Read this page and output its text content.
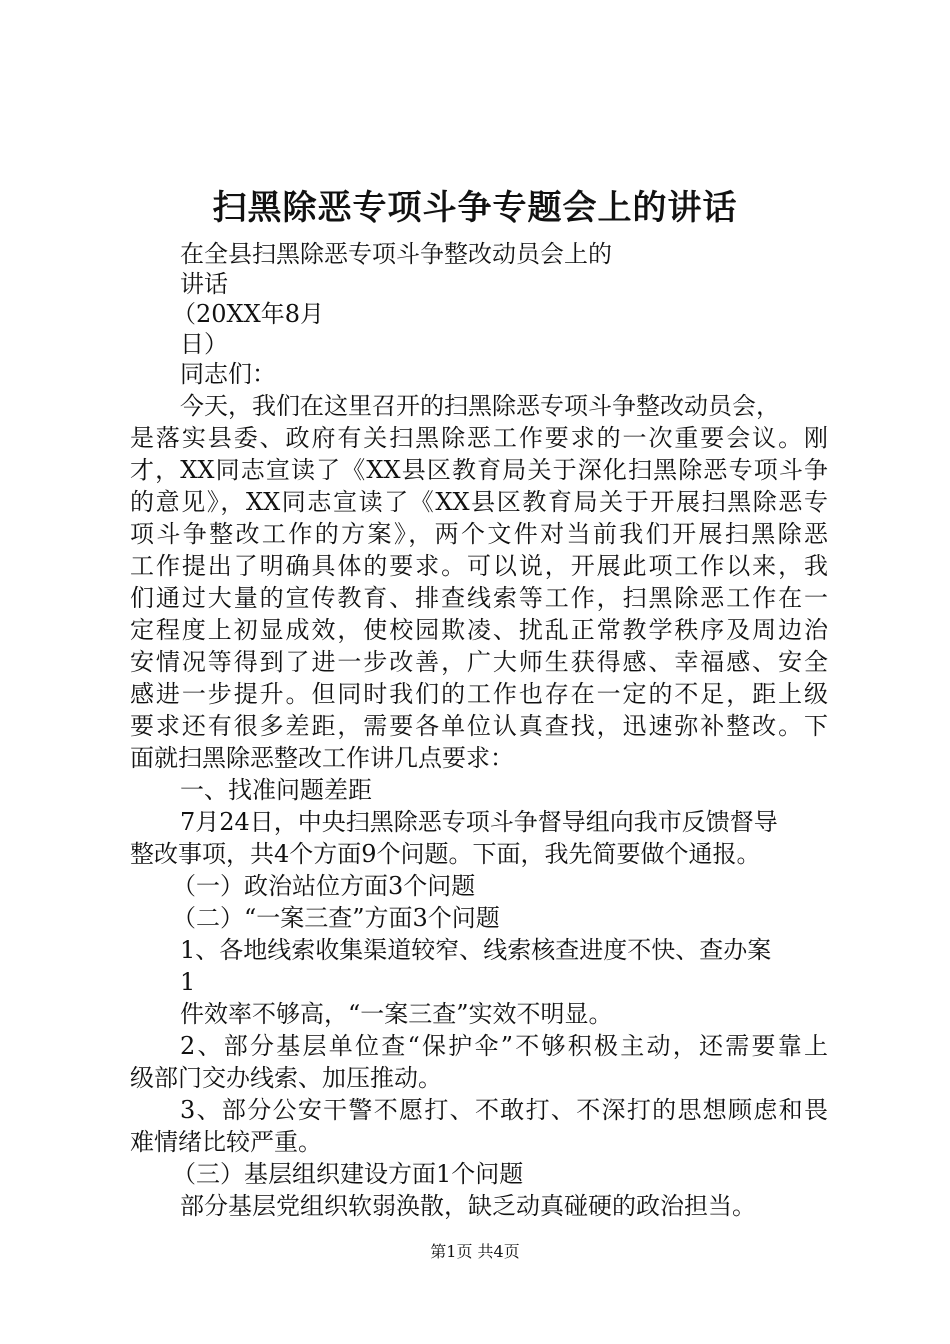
扫黑除恶专项斗争专题会上的讲话

在全县扫黑除恶专项斗争整改动员会上的

讲话

（20XX年8月

日）

同志们：

今天，我们在这里召开的扫黑除恶专项斗争整改动员会，
是落实县委、政府有关扫黑除恶工作要求的一次重要会议。刚
才，XX同志宣读了《XX县区教育局关于深化扫黑除恶专项斗争
的意见》，XX同志宣读了《XX县区教育局关于开展扫黑除恶专
项斗争整改工作的方案》，两个文件对当前我们开展扫黑除恶
工作提出了明确具体的要求。可以说，开展此项工作以来，我
们通过大量的宣传教育、排查线索等工作，扫黑除恶工作在一
定程度上初显成效，使校园欺凌、扰乱正常教学秩序及周边治
安情况等得到了进一步改善，广大师生获得感、幸福感、安全
感进一步提升。但同时我们的工作也存在一定的不足，距上级
要求还有很多差距，需要各单位认真查找，迅速弥补整改。下
面就扫黑除恶整改工作讲几点要求：

一、找准问题差距

7月24日，中央扫黑除恶专项斗争督导组向我市反馈督导
整改事项，共4个方面9个问题。下面，我先简要做个通报。

（一）政治站位方面3个问题

（二）“一案三查”方面3个问题

1、各地线索收集渠道较窄、线索核查进度不快、查办案

1

件效率不够高，“一案三查”实效不明显。

2、部分基层单位查“保护伞”不够积极主动，还需要靠上
级部门交办线索、加压推动。
3、部分公安干警不愿打、不敢打、不深打的思想顾虑和畏
难情绪比较严重。

（三）基层组织建设方面1个问题

部分基层党组织软弱涣散，缺乏动真碰硬的政治担当。

第1页 共4页
